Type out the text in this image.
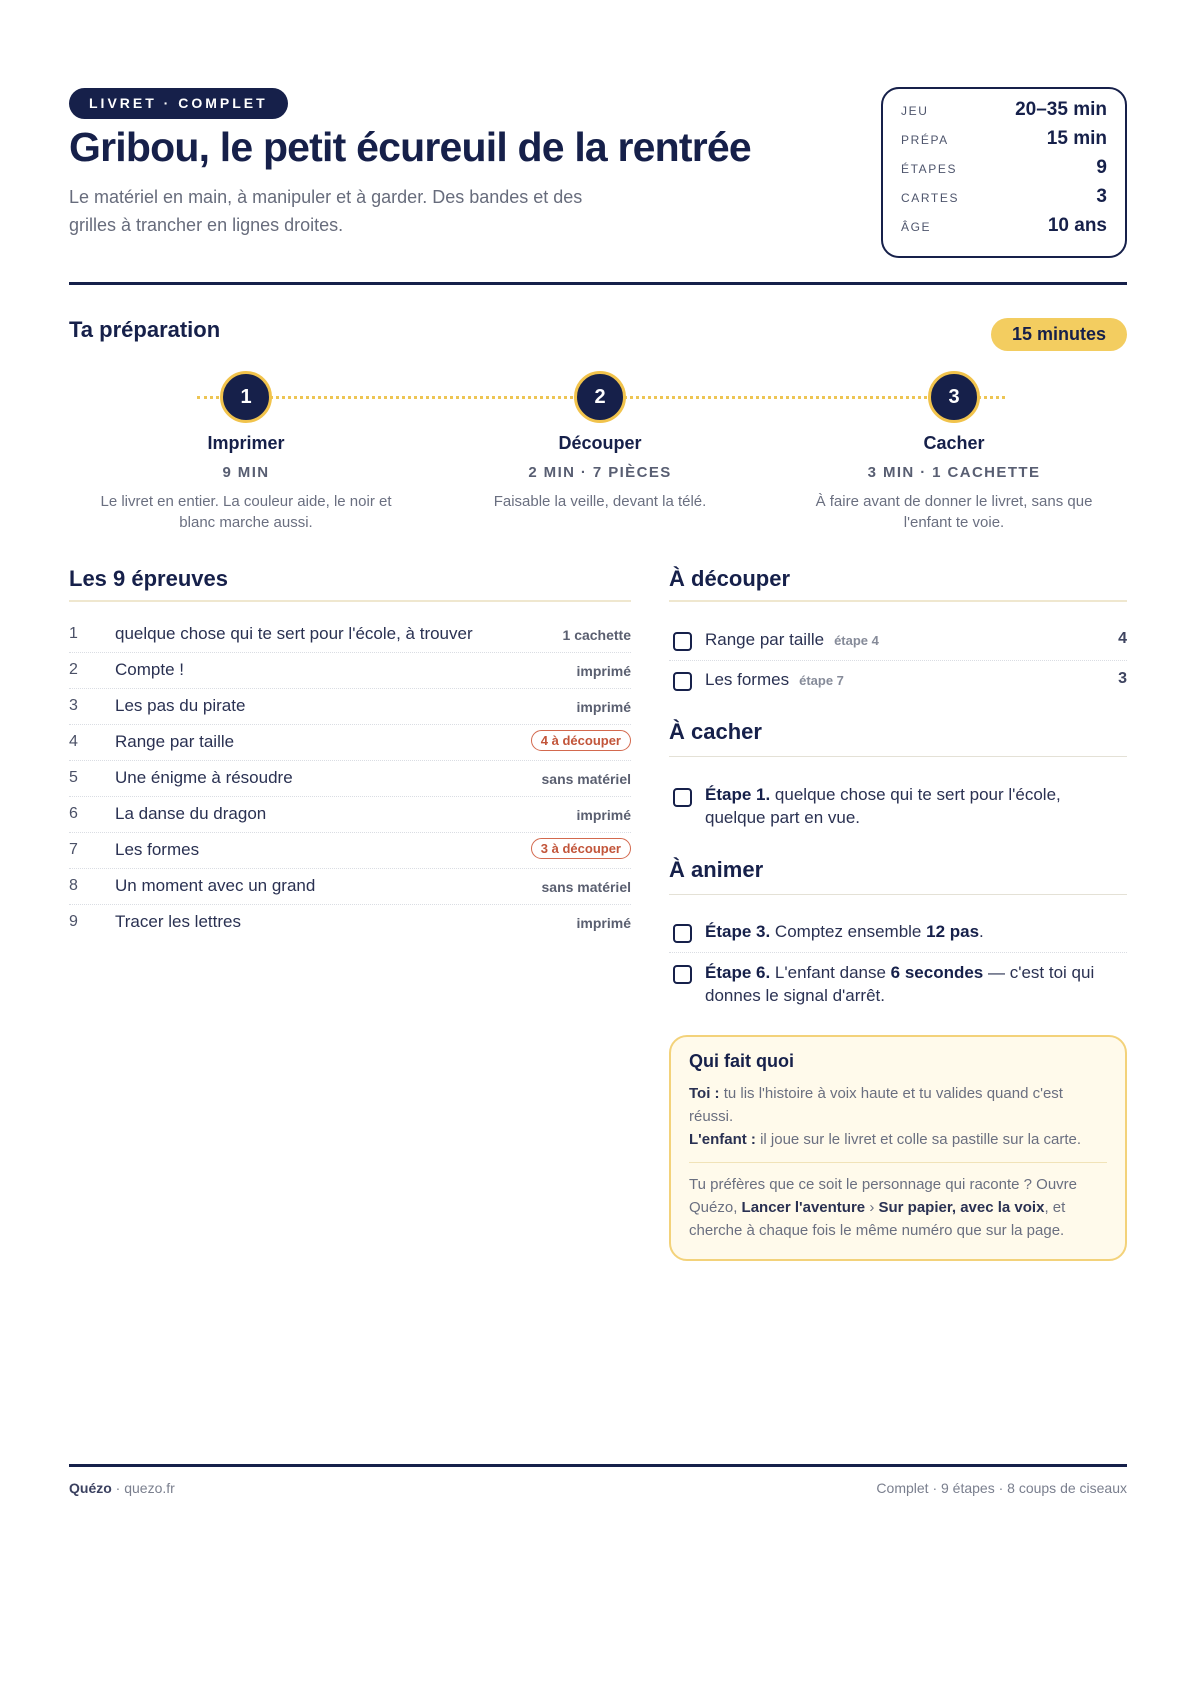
LIVRET · COMPLET
Gribou, le petit écureuil de la rentrée

Le matériel en main, à manipuler et à garder. Des bandes et des grilles à trancher en lignes droites.

JEU	20–35 min
PRÉPA	15 min
ÉTAPES	9
CARTES	3
ÂGE	10 ans
Ta préparation	15 minutes
1	2	3
Imprimer
9 MIN
Le livret en entier. La couleur aide, le noir et blanc marche aussi.
Découper
2 MIN · 7 PIÈCES
Faisable la veille, devant la télé.
Cacher
3 MIN · 1 CACHETTE
À faire avant de donner le livret, sans que l'enfant te voie.
Les 9 épreuves
1 quelque chose qui te sert pour l'école, à trouver	1 cachette
2 Compte !	imprimé
3 Les pas du pirate	imprimé
4 Range par taille	4 à découper
5 Une énigme à résoudre	sans matériel
6 La danse du dragon	imprimé
7 Les formes	3 à découper
8 Un moment avec un grand	sans matériel
9 Tracer les lettres	imprimé
À découper
Range par taille étape 4	4
Les formes étape 7	3
À cacher
Étape 1. quelque chose qui te sert pour l'école, quelque part en vue.
À animer
Étape 3. Comptez ensemble 12 pas.
Étape 6. L'enfant danse 6 secondes — c'est toi qui donnes le signal d'arrêt.
Qui fait quoi

Toi : tu lis l'histoire à voix haute et tu valides quand c'est réussi.
L'enfant : il joue sur le livret et colle sa pastille sur la carte.

Tu préfères que ce soit le personnage qui raconte ? Ouvre Quézo, Lancer l'aventure › Sur papier, avec la voix, et cherche à chaque fois le même numéro que sur la page.

Quézo · quezo.fr	Complet · 9 étapes · 8 coups de ciseaux
